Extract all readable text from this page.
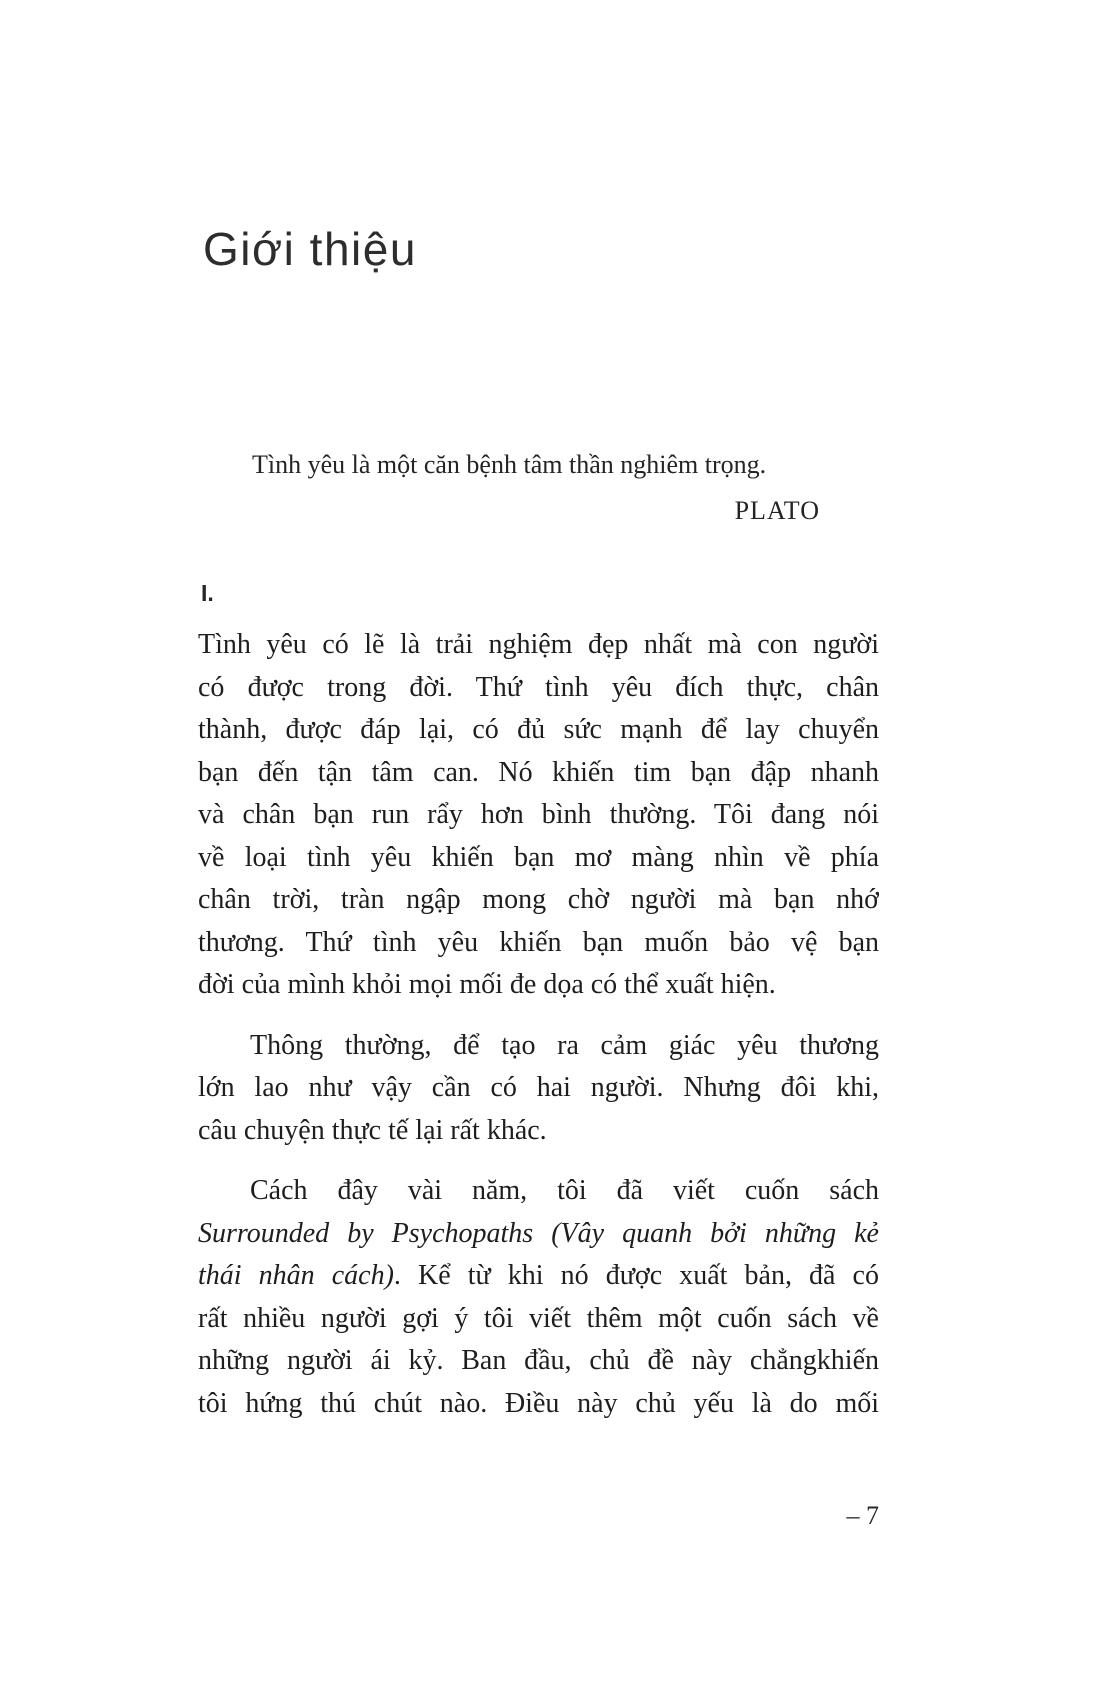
Giới thiệu
Tình yêu là một căn bệnh tâm thần nghiêm trọng.
PLATO
I.
Tình yêu có lẽ là trải nghiệm đẹp nhất mà con người
có được trong đời. Thứ tình yêu đích thực, chân
thành, được đáp lại, có đủ sức mạnh để lay chuyển
bạn đến tận tâm can. Nó khiến tim bạn đập nhanh
và chân bạn run rẩy hơn bình thường. Tôi đang nói
về loại tình yêu khiến bạn mơ màng nhìn về phía
chân trời, tràn ngập mong chờ người mà bạn nhớ
thương. Thứ tình yêu khiến bạn muốn bảo vệ bạn
đời của mình khỏi mọi mối đe dọa có thể xuất hiện.
Thông thường, để tạo ra cảm giác yêu thương
lớn lao như vậy cần có hai người. Nhưng đôi khi,
câu chuyện thực tế lại rất khác.
Cách đây vài năm, tôi đã viết cuốn sách
Surrounded by Psychopaths (Vây quanh bởi những kẻ
thái nhân cách). Kể từ khi nó được xuất bản, đã có
rất nhiều người gợi ý tôi viết thêm một cuốn sách về
những người ái kỷ. Ban đầu, chủ đề này chẳngkhiến
tôi hứng thú chút nào. Điều này chủ yếu là do mối
– 7
